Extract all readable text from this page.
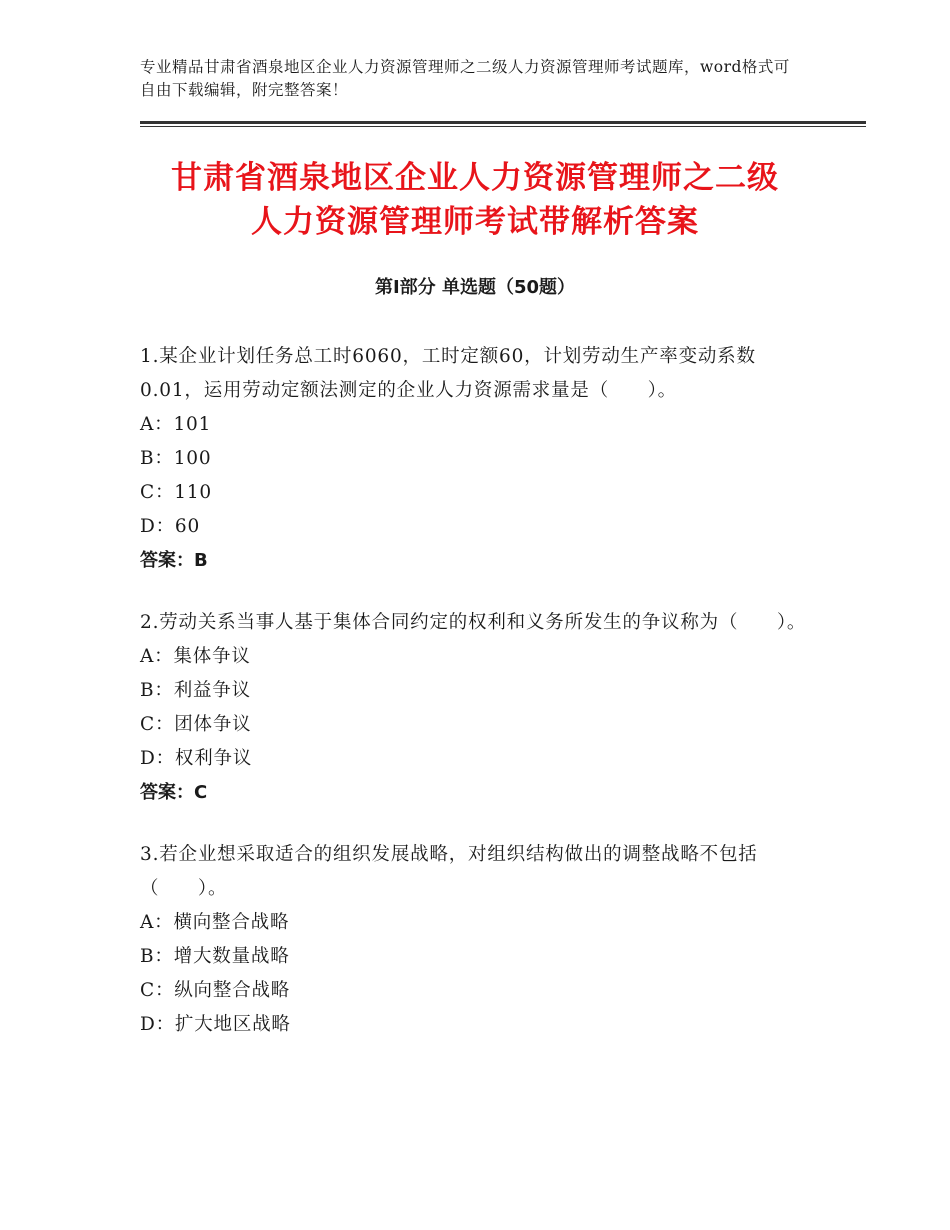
专业精品甘肃省酒泉地区企业人力资源管理师之二级人力资源管理师考试题库，word格式可自由下载编辑，附完整答案！
甘肃省酒泉地区企业人力资源管理师之二级
人力资源管理师考试带解析答案
第Ⅰ部分 单选题（50题）
1.某企业计划任务总工时6060，工时定额60，计划劳动生产率变动系数0.01，运用劳动定额法测定的企业人力资源需求量是（　　）。
A：101
B：100
C：110
D：60
答案：B
2.劳动关系当事人基于集体合同约定的权利和义务所发生的争议称为（　　）。
A：集体争议
B：利益争议
C：团体争议
D：权利争议
答案：C
3.若企业想采取适合的组织发展战略，对组织结构做出的调整战略不包括（　　）。
A：横向整合战略
B：增大数量战略
C：纵向整合战略
D：扩大地区战略
